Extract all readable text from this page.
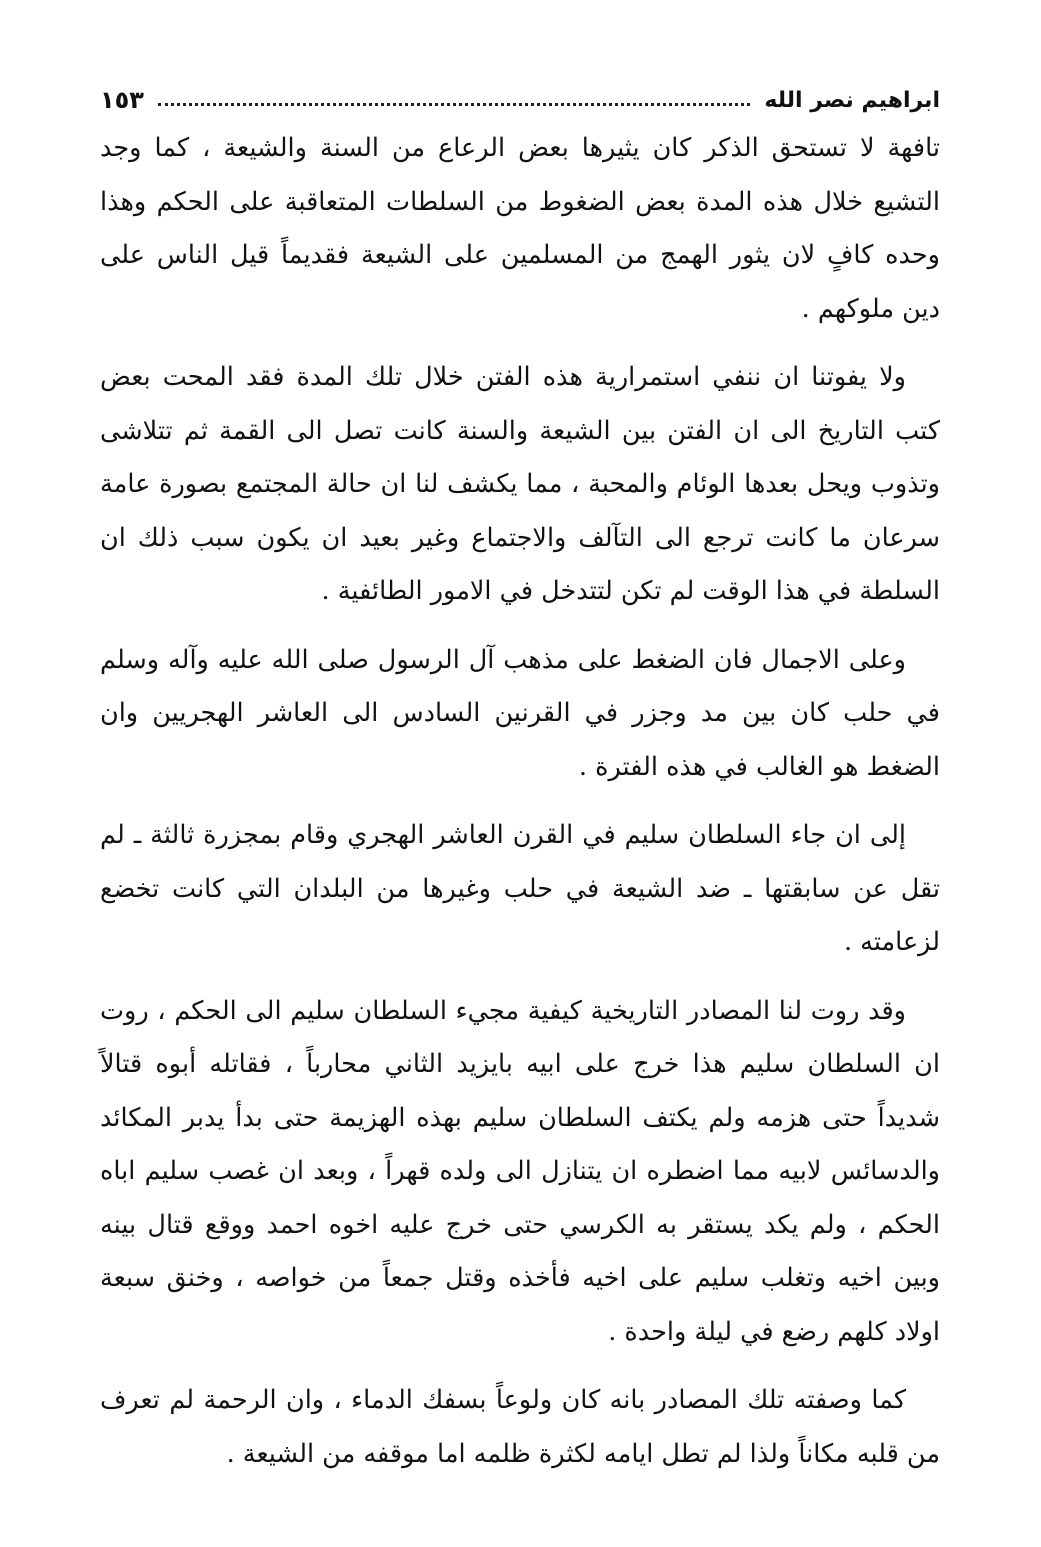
ابراهيم نصر الله
١٥٣

تافهة لا تستحق الذكر كان يثيرها بعض الرعاع من السنة والشيعة ، كما وجد التشيع خلال هذه المدة بعض الضغوط من السلطات المتعاقبة على الحكم وهذا وحده كافٍ لان يثور الهمج من المسلمين على الشيعة فقديماً قيل الناس على دين ملوكهم .

ولا يفوتنا ان ننفي استمرارية هذه الفتن خلال تلك المدة فقد المحت بعض كتب التاريخ الى ان الفتن بين الشيعة والسنة كانت تصل الى القمة ثم تتلاشى وتذوب ويحل بعدها الوئام والمحبة ، مما يكشف لنا ان حالة المجتمع بصورة عامة سرعان ما كانت ترجع الى التآلف والاجتماع وغير بعيد ان يكون سبب ذلك ان السلطة في هذا الوقت لم تكن لتتدخل في الامور الطائفية .

وعلى الاجمال فان الضغط على مذهب آل الرسول صلى الله عليه وآله وسلم في حلب كان بين مد وجزر في القرنين السادس الى العاشر الهجريين وان الضغط هو الغالب في هذه الفترة .

إلى ان جاء السلطان سليم في القرن العاشر الهجري وقام بمجزرة ثالثة ـ لم تقل عن سابقتها ـ ضد الشيعة في حلب وغيرها من البلدان التي كانت تخضع لزعامته .

وقد روت لنا المصادر التاريخية كيفية مجيء السلطان سليم الى الحكم ، روت ان السلطان سليم هذا خرج على ابيه بايزيد الثاني محارباً ، فقاتله أبوه قتالاً شديداً حتى هزمه ولم يكتف السلطان سليم بهذه الهزيمة حتى بدأ يدبر المكائد والدسائس لابيه مما اضطره ان يتنازل الى ولده قهراً ، وبعد ان غصب سليم اباه الحكم ، ولم يكد يستقر به الكرسي حتى خرج عليه اخوه احمد ووقع قتال بينه وبين اخيه وتغلب سليم على اخيه فأخذه وقتل جمعاً من خواصه ، وخنق سبعة اولاد كلهم رضع في ليلة واحدة .

كما وصفته تلك المصادر بانه كان ولوعاً بسفك الدماء ، وان الرحمة لم تعرف من قلبه مكاناً ولذا لم تطل ايامه لكثرة ظلمه اما موقفه من الشيعة .
